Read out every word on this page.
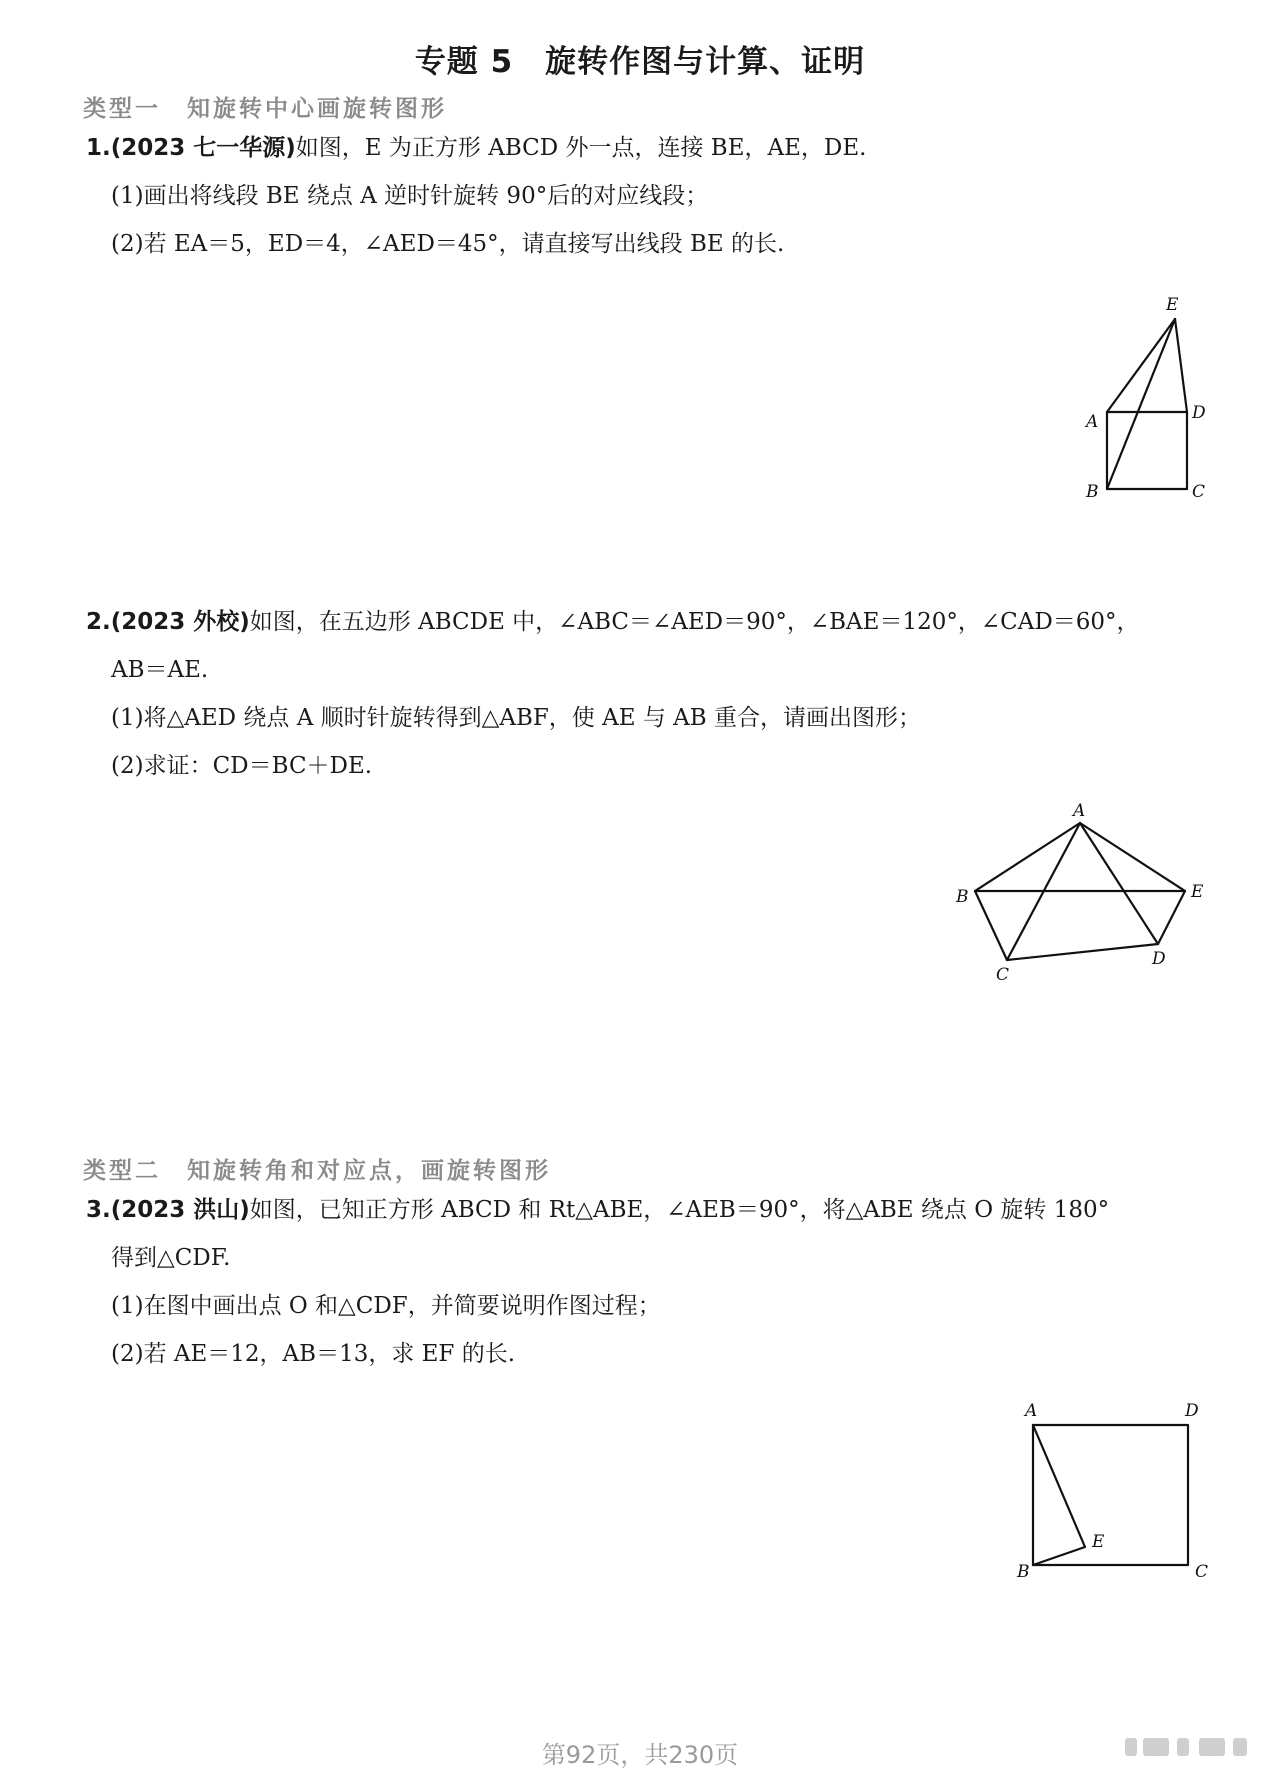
专题 5　旋转作图与计算、证明
类型一　知旋转中心画旋转图形
1.(2023 七一华源)如图，E 为正方形 ABCD 外一点，连接 BE，AE，DE.
(1)画出将线段 BE 绕点 A 逆时针旋转 90°后的对应线段；
(2)若 EA＝5，ED＝4，∠AED＝45°，请直接写出线段 BE 的长.
E
A	D
B	C
2.(2023 外校)如图，在五边形 ABCDE 中，∠ABC＝∠AED＝90°，∠BAE＝120°，∠CAD＝60°，
AB＝AE.
(1)将△AED 绕点 A 顺时针旋转得到△ABF，使 AE 与 AB 重合，请画出图形；
(2)求证：CD＝BC＋DE.
A
B	E
C
D
类型二　知旋转角和对应点，画旋转图形
3.(2023 洪山)如图，已知正方形 ABCD 和 Rt△ABE，∠AEB＝90°，将△ABE 绕点 O 旋转 180°
得到△CDF.
(1)在图中画出点 O 和△CDF，并简要说明作图过程；
(2)若 AE＝12，AB＝13，求 EF 的长.
A	D
E
B	C
第92页，共230页
